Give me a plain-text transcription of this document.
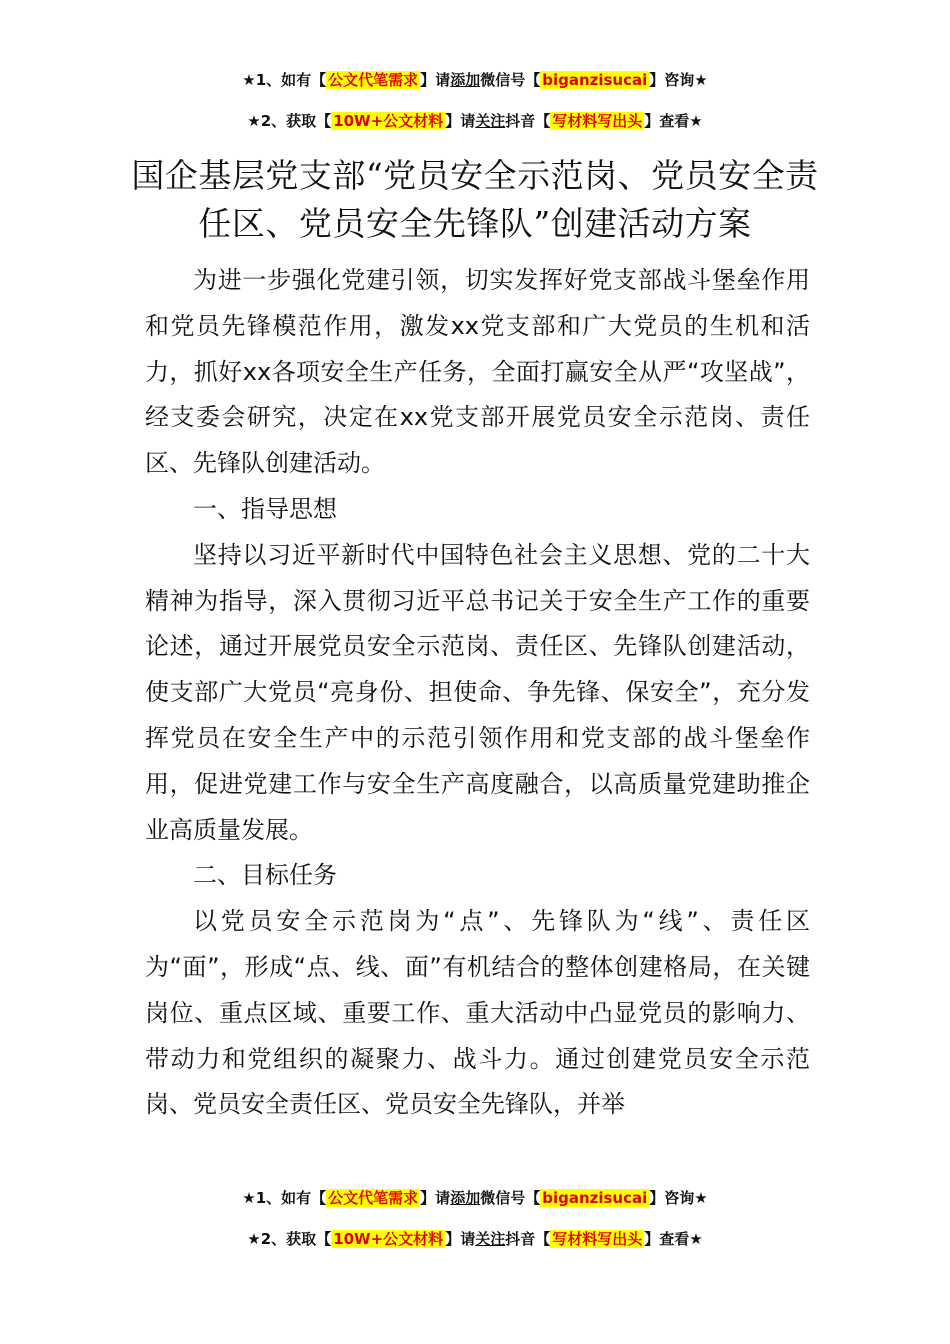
★1、如有【 公文代笔需求 】请添加微信号【 biganzisucai 】咨询★
★2、获取【 10W+公文材料 】请关注抖音【 写材料写出头 】查看★
国企基层党支部“党员安全示范岗、党员安全责任区、党员安全先锋队”创建活动方案

为进一步强化党建引领，切实发挥好党支部战斗堡垒作用和党员先锋模范作用，激发xx党支部和广大党员的生机和活力，抓好xx各项安全生产任务，全面打赢安全从严“攻坚战”，经支委会研究，决定在xx党支部开展党员安全示范岗、责任区、先锋队创建活动。

一、指导思想

坚持以习近平新时代中国特色社会主义思想、党的二十大精神为指导，深入贯彻习近平总书记关于安全生产工作的重要论述，通过开展党员安全示范岗、责任区、先锋队创建活动，使支部广大党员“亮身份、担使命、争先锋、保安全”，充分发挥党员在安全生产中的示范引领作用和党支部的战斗堡垒作用，促进党建工作与安全生产高度融合，以高质量党建助推企业高质量发展。

二、目标任务

以党员安全示范岗为“点”、先锋队为“线”、责任区为“面”，形成“点、线、面”有机结合的整体创建格局，在关键岗位、重点区域、重要工作、重大活动中凸显党员的影响力、带动力和党组织的凝聚力、战斗力。通过创建党员安全示范岗、党员安全责任区、党员安全先锋队，并举

★1、如有【 公文代笔需求 】请添加微信号【 biganzisucai 】咨询★
★2、获取【 10W+公文材料 】请关注抖音【 写材料写出头 】查看★
